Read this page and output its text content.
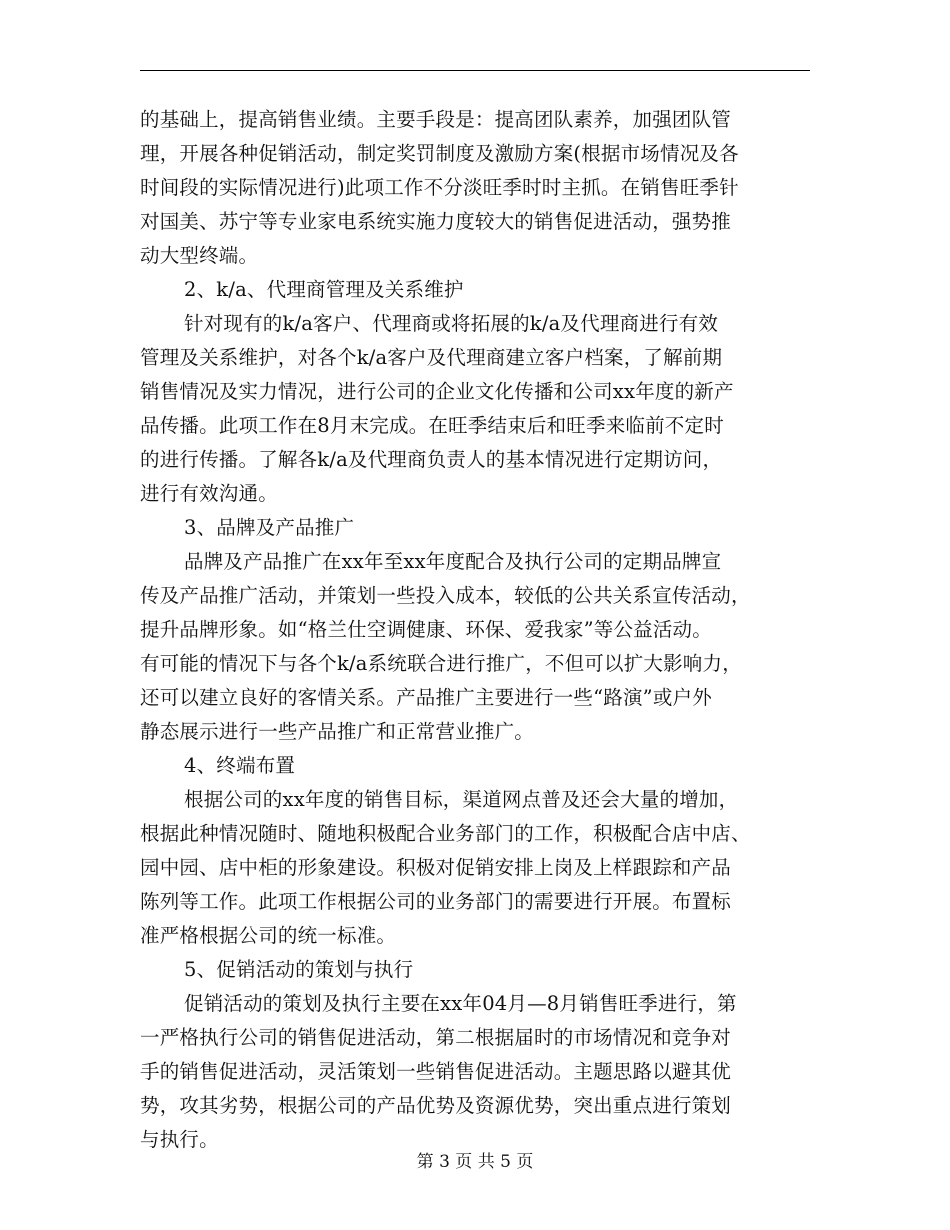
的基础上，提高销售业绩。主要手段是：提高团队素养，加强团队管
理，开展各种促销活动，制定奖罚制度及激励方案(根据市场情况及各
时间段的实际情况进行)此项工作不分淡旺季时时主抓。在销售旺季针
对国美、苏宁等专业家电系统实施力度较大的销售促进活动，强势推
动大型终端。
2、k/a、代理商管理及关系维护
针对现有的k/a客户、代理商或将拓展的k/a及代理商进行有效
管理及关系维护，对各个k/a客户及代理商建立客户档案，了解前期
销售情况及实力情况，进行公司的企业文化传播和公司xx年度的新产
品传播。此项工作在8月末完成。在旺季结束后和旺季来临前不定时
的进行传播。了解各k/a及代理商负责人的基本情况进行定期访问，
进行有效沟通。
3、品牌及产品推广
品牌及产品推广在xx年至xx年度配合及执行公司的定期品牌宣
传及产品推广活动，并策划一些投入成本，较低的公共关系宣传活动，
提升品牌形象。如“格兰仕空调健康、环保、爱我家”等公益活动。
有可能的情况下与各个k/a系统联合进行推广，不但可以扩大影响力，
还可以建立良好的客情关系。产品推广主要进行一些“路演”或户外
静态展示进行一些产品推广和正常营业推广。
4、终端布置
根据公司的xx年度的销售目标，渠道网点普及还会大量的增加，
根据此种情况随时、随地积极配合业务部门的工作，积极配合店中店、
园中园、店中柜的形象建设。积极对促销安排上岗及上样跟踪和产品
陈列等工作。此项工作根据公司的业务部门的需要进行开展。布置标
准严格根据公司的统一标准。
5、促销活动的策划与执行
促销活动的策划及执行主要在xx年04月—8月销售旺季进行，第
一严格执行公司的销售促进活动，第二根据届时的市场情况和竞争对
手的销售促进活动，灵活策划一些销售促进活动。主题思路以避其优
势，攻其劣势，根据公司的产品优势及资源优势，突出重点进行策划
与执行。
第 3 页 共 5 页
